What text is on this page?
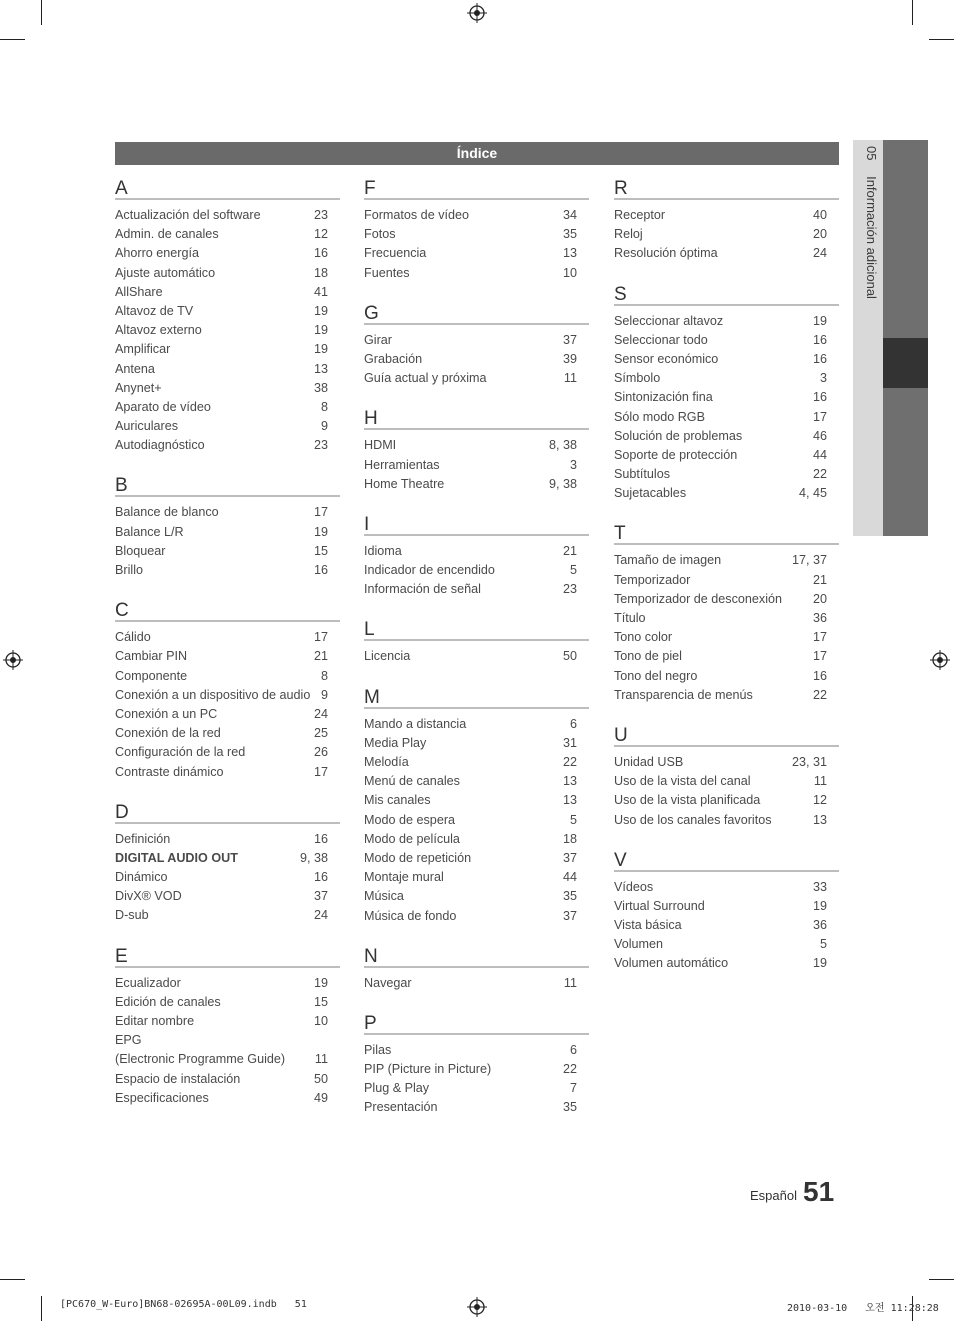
05 Información adicional
Índice
A
Actualización del software	23
Admin. de canales	12
Ahorro energía	16
Ajuste automático	18
AllShare	41
Altavoz de TV	19
Altavoz externo	19
Amplificar	19
Antena	13
Anynet+	38
Aparato de vídeo	8
Auriculares	9
Autodiagnóstico	23
B
Balance de blanco	17
Balance L/R	19
Bloquear	15
Brillo	16
C
Cálido	17
Cambiar PIN	21
Componente	8
Conexión a un dispositivo de audio 9
Conexión a un PC	24
Conexión de la red	25
Configuración de la red	26
Contraste dinámico	17
D
Definición	16
DIGITAL AUDIO OUT	9, 38
Dinámico	16
DivX® VOD	37
D-sub	24
E
Ecualizador	19
Edición de canales	15
Editar nombre	10
EPG
(Electronic Programme Guide) 11
Espacio de instalación	50
Especificaciones	49
F
Formatos de vídeo	34
Fotos	35
Frecuencia	13
Fuentes	10
G
Girar	37
Grabación	39
Guía actual y próxima	11
H
HDMI	8, 38
Herramientas	3
Home Theatre	9, 38
I
Idioma	21
Indicador de encendido	5
Información de señal	23
L
Licencia	50
M
Mando a distancia	6
Media Play	31
Melodía	22
Menú de canales	13
Mis canales	13
Modo de espera	5
Modo de película	18
Modo de repetición	37
Montaje mural	44
Música	35
Música de fondo	37
N
Navegar	11
P
Pilas	6
PIP (Picture in Picture)	22
Plug & Play	7
Presentación	35
R
Receptor	40
Reloj	20
Resolución óptima	24
S
Seleccionar altavoz	19
Seleccionar todo	16
Sensor económico	16
Símbolo	3
Sintonización fina	16
Sólo modo RGB	17
Solución de problemas	46
Soporte de protección	44
Subtítulos	22
Sujetacables	4, 45
T
Tamaño de imagen	17, 37
Temporizador	21
Temporizador de desconexión 20
Título	36
Tono color	17
Tono de piel	17
Tono del negro	16
Transparencia de menús	22
U
Unidad USB	23, 31
Uso de la vista del canal	11
Uso de la vista planificada	12
Uso de los canales favoritos	13
V
Vídeos	33
Virtual Surround	19
Vista básica	36
Volumen	5
Volumen automático	19
Español 51
[PC670_W-Euro]BN68-02695A-00L09.indb   51	2010-03-10   오전 11:28:28
